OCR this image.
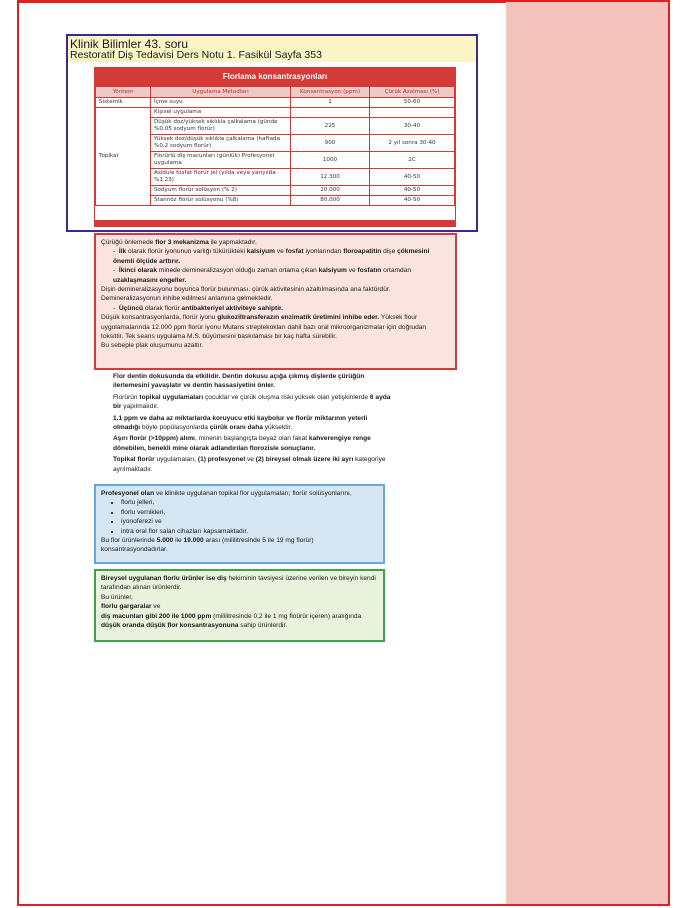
Klinik Bilimler 43. soru
Restoratif Diş Tedavisi Ders Notu 1. Fasikül Sayfa 353
Florlama konsantrasyonları
Yöntem	Uygulama Metodları	Konsantrasyon (ppm)	Çürük Azalması (%)
Sistemik	İçme suyu	1	50-60
Topikal	Kişisel uygulama		
	Düşük doz/yüksek sıklıkla çalkalama (günde %0.05 sodyum florür)	225	30-40
	Yüksek doz/düşük sıklıkla çalkalama (haftada %0.2 sodyum florür)	900	2 yıl sonra 30-40
	Florürlü diş macunları (günlük) Profesyonel uygulama	1000	2C
	Asidule fosfat florür jel (yılda veya yarıyılda %1.23)	12.300	40-50
	Sodyum florür solüsyon (% 2)	20.000	40-50
	Stannöz florür solüsyonu (%8)	80.000	40-50

Çürüğü önlemede flor 3 mekanizma ile yapmaktadır.

-  İlk olarak florür iyonunun varlığı tükürükteki kalsiyum ve fosfat iyonlarından floroapatitin dişe çökmesini önemli ölçüde arttırır.

-  İkinci olarak minede demineralizasyon olduğu zaman ortama çıkan kalsiyum ve fosfatın ortamdan uzaklaşmasını engeller.

Dişin demineralizasyonu boyunca florür bulunması, çürük aktivitesinin azaltılmasında ana faktördür.

Demineralizasyonun inhibe edilmesi anlamına gelmektedir.

-  Üçüncü olarak florür antibakteriyel aktiviteye sahiptir.

Düşük konsantrasyonlarda, florür iyonu glukoziltransferazın enzimatik üretimini inhibe eder. Yüksek flour uygulamalarında 12.000 ppm florür iyonu Mutans streptekokları dahil bazı oral mikroorganizmalar için doğrudan toksittir. Tek seans uygulama M.S. büyümesini baskılaması bir kaç hafta sürebilir.

Bu sebeple plak oluşumunu azaltır.

Flor dentin dokusunda da etkilidir. Dentin dokusu açığa çıkmış dişlerde çürüğün ilerlemesini yavaşlatır ve dentin hassasiyetini önler.

Florürün topikal uygulamaları çocuklar ve çürük oluşma riski yüksek olan yetişkinlerde 6 ayda bir yapılmalıdır.

1.1 ppm ve daha az miktarlarda koruyucu etki kaybolur ve florür miktarının yeterli olmadığı böyle popülasyonlarda çürük oranı daha yüksektir.

Aşırı florür (>10ppm) alımı, minenin başlangıçta beyaz olan fakat kahverengiye renge dönebilen, benekli mine olarak adlandırılan florozisle sonuçlanır.

Topikal florür uygulamaları, (1) profesyonel ve (2) bireysel olmak üzere iki ayrı kategoriye ayrılmaktadır.

Profesyonel olan ve klinikte uygulanan topikal flor uygulamaları; florür solüsyonlarını,

• florlu jelleri,
• florlu vernikleri,
• iyonoferezi ve
• intra oral flor salan cihazları kapsamaktadır.

Bu flor ürünlerinde 5.000 ile 19.000 arası (mililitresinde 5 ile 19 mg florür) konsantrasyondadırlar.

Bireysel uygulanan florlu ürünler ise diş hekiminin tavsiyesi üzerine verilen ve bireyin kendi tarafından alınan ürünlerdir.

Bu ürünler,

florlu gargaralar ve

diş macunları gibi 200 ile 1000 ppm (mililitresinde 0,2 ile 1 mg floürür içeren) aralığında düşük oranda düşük flor konsantrasyonuna sahip ürünlerdir.
